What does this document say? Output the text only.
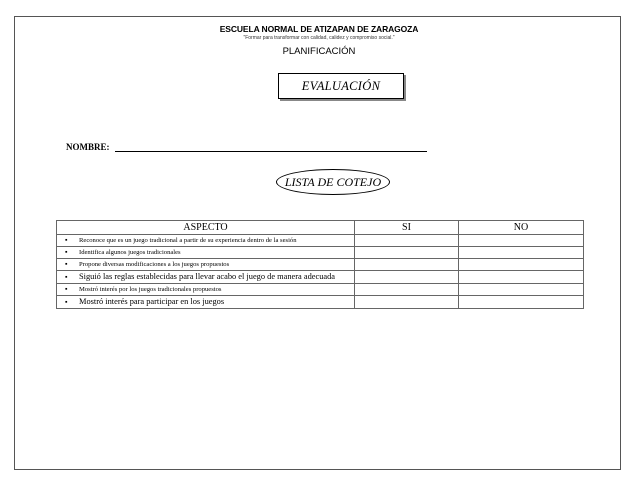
ESCUELA NORMAL DE ATIZAPAN DE ZARAGOZA
"Formar para transformar con calidad, calidez y compromiso social."
PLANIFICACIÓN
EVALUACIÓN
NOMBRE:
LISTA DE COTEJO
ASPECTO	SI	NO

▪ Reconoce que es un juego tradicional a partir de su experiencia dentro de la sesión		

▪ Identifica algunos juegos tradicionales		

▪ Propone diversas modificaciones a los juegos propuestos		

▪ Siguió las reglas establecidas para llevar acabo el juego de manera adecuada		

▪ Mostró interés por los juegos tradicionales propuestos		

▪ Mostró interés para participar en los juegos		
